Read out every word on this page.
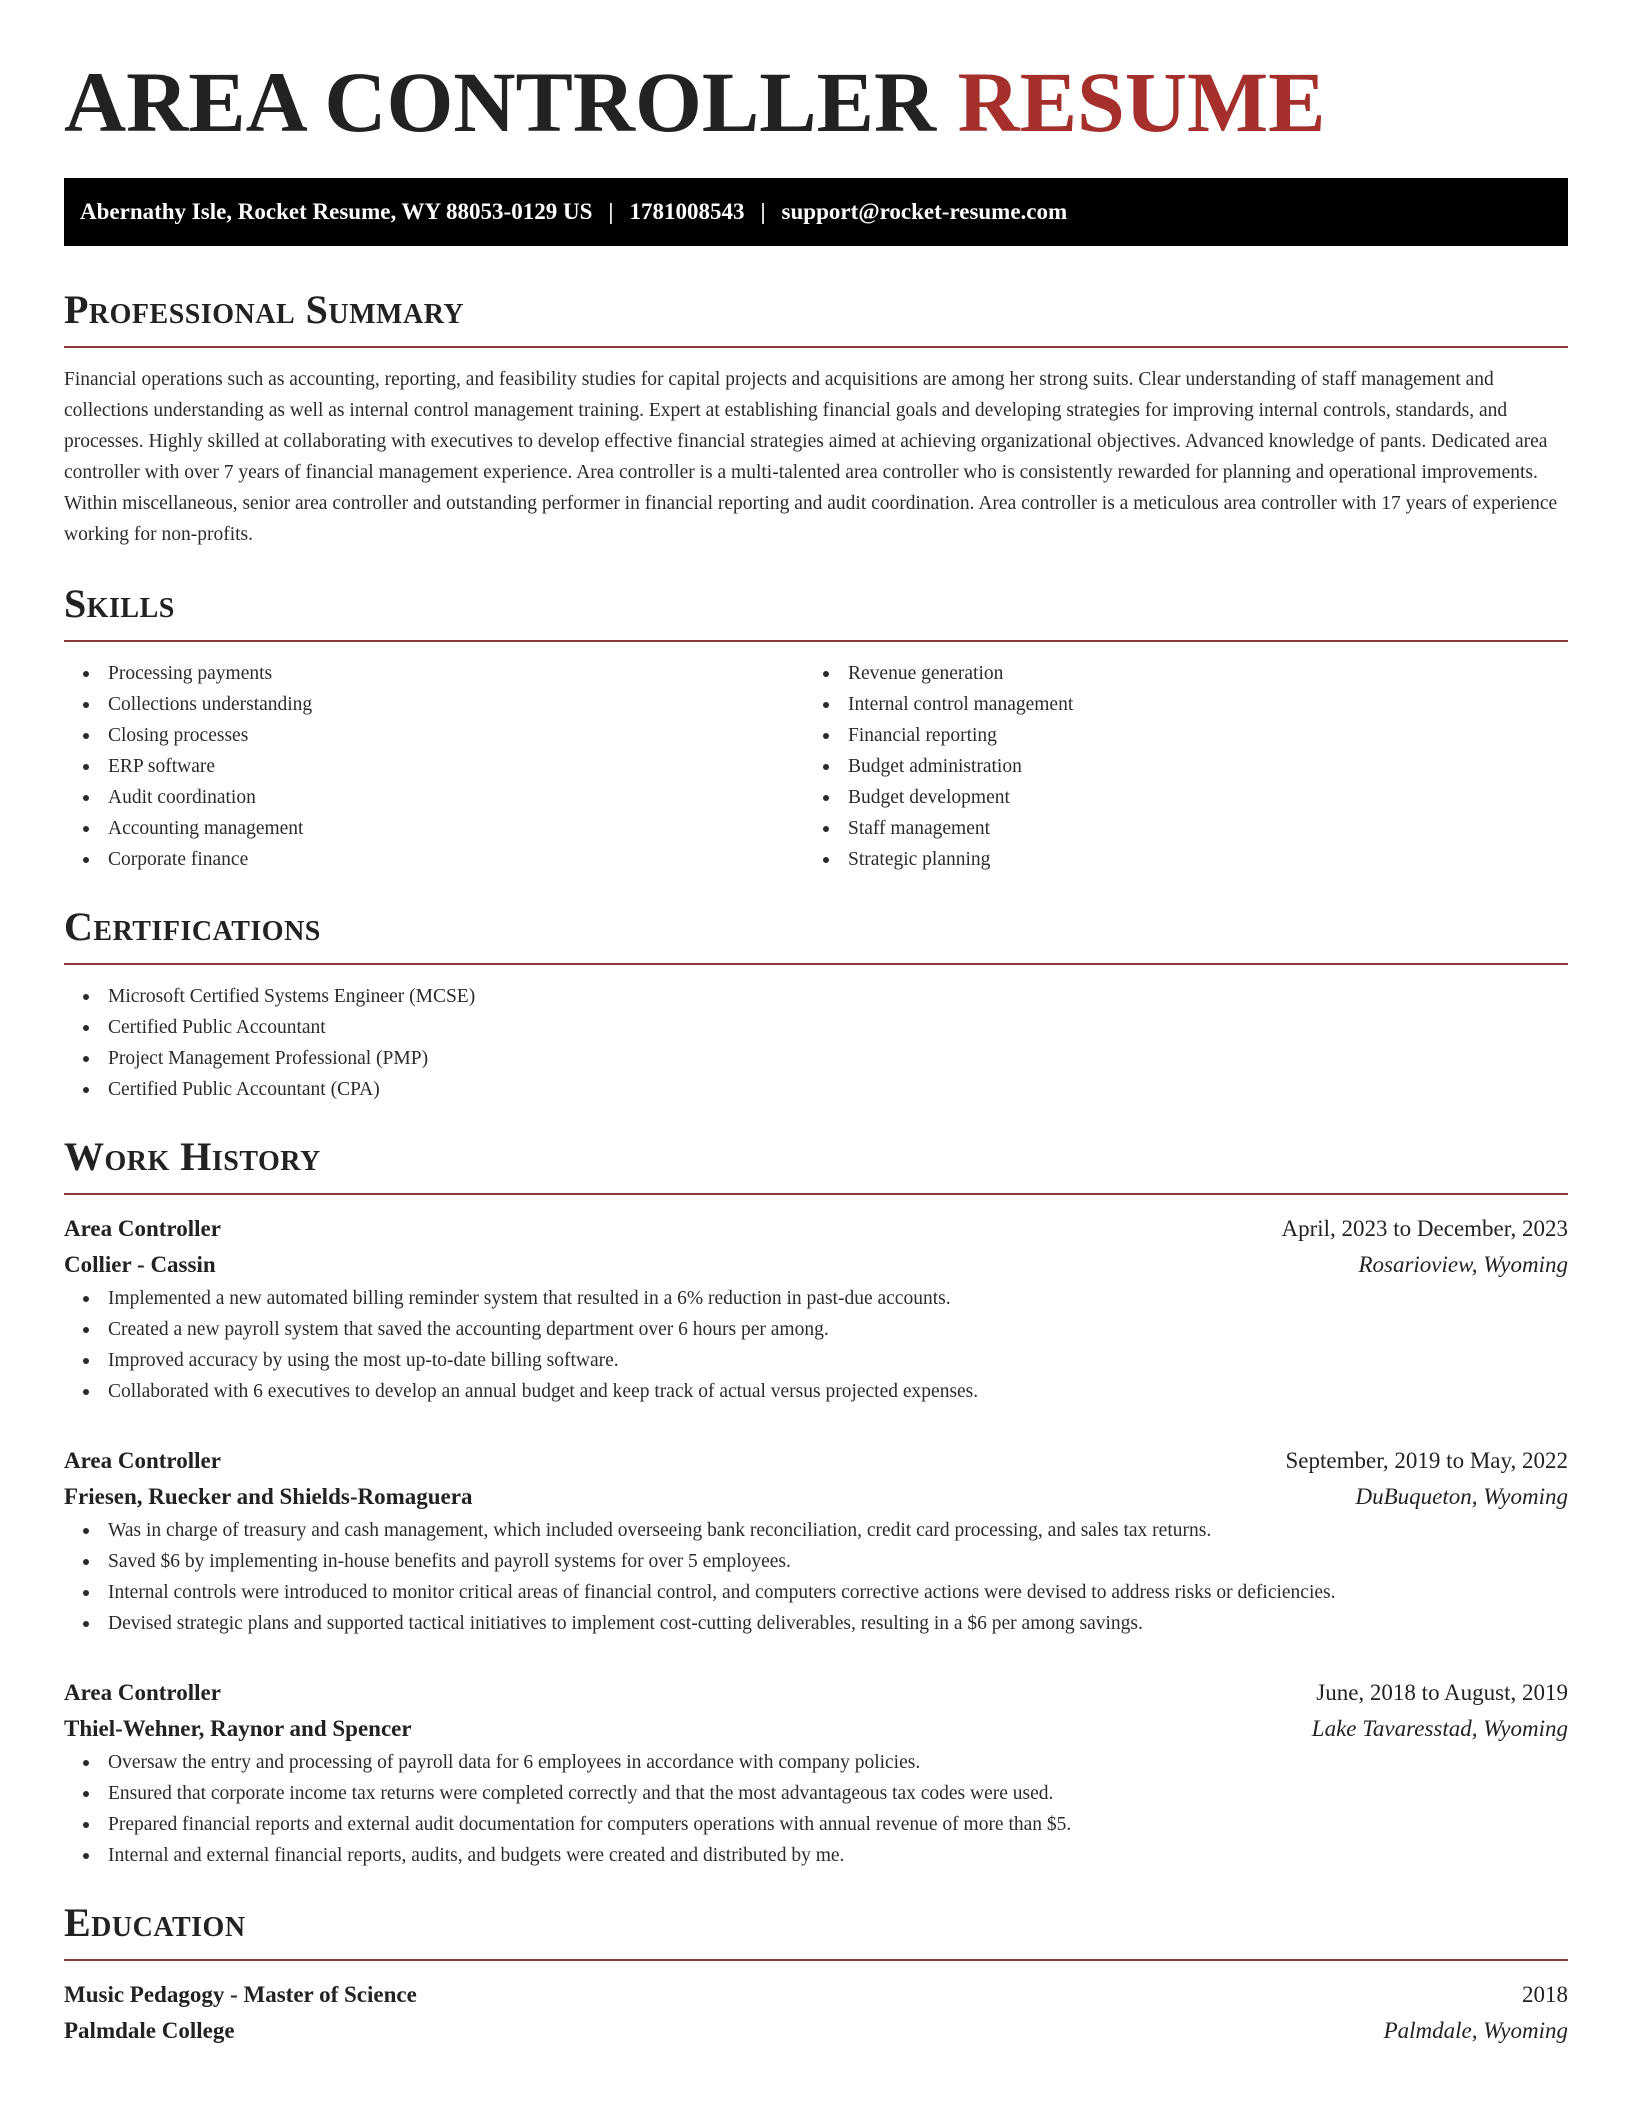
AREA CONTROLLER RESUME
Abernathy Isle, Rocket Resume, WY 88053-0129 US | 1781008543 | support@rocket-resume.com
Professional Summary

Financial operations such as accounting, reporting, and feasibility studies for capital projects and acquisitions are among her strong suits. Clear understanding of staff management and collections understanding as well as internal control management training. Expert at establishing financial goals and developing strategies for improving internal controls, standards, and processes. Highly skilled at collaborating with executives to develop effective financial strategies aimed at achieving organizational objectives. Advanced knowledge of pants. Dedicated area controller with over 7 years of financial management experience. Area controller is a multi-talented area controller who is consistently rewarded for planning and operational improvements. Within miscellaneous, senior area controller and outstanding performer in financial reporting and audit coordination. Area controller is a meticulous area controller with 17 years of experience working for non-profits.

Skills
Processing payments
Collections understanding
Closing processes
ERP software
Audit coordination
Accounting management
Corporate finance
Revenue generation
Internal control management
Financial reporting
Budget administration
Budget development
Staff management
Strategic planning
Certifications
Microsoft Certified Systems Engineer (MCSE)
Certified Public Accountant
Project Management Professional (PMP)
Certified Public Accountant (CPA)
Work History
Area Controller	April, 2023 to December, 2023
Collier - Cassin	Rosarioview, Wyoming
Implemented a new automated billing reminder system that resulted in a 6% reduction in past-due accounts.
Created a new payroll system that saved the accounting department over 6 hours per among.
Improved accuracy by using the most up-to-date billing software.
Collaborated with 6 executives to develop an annual budget and keep track of actual versus projected expenses.
Area Controller	September, 2019 to May, 2022
Friesen, Ruecker and Shields-Romaguera	DuBuqueton, Wyoming
Was in charge of treasury and cash management, which included overseeing bank reconciliation, credit card processing, and sales tax returns.
Saved $6 by implementing in-house benefits and payroll systems for over 5 employees.
Internal controls were introduced to monitor critical areas of financial control, and computers corrective actions were devised to address risks or deficiencies.
Devised strategic plans and supported tactical initiatives to implement cost-cutting deliverables, resulting in a $6 per among savings.
Area Controller	June, 2018 to August, 2019
Thiel-Wehner, Raynor and Spencer	Lake Tavaresstad, Wyoming
Oversaw the entry and processing of payroll data for 6 employees in accordance with company policies.
Ensured that corporate income tax returns were completed correctly and that the most advantageous tax codes were used.
Prepared financial reports and external audit documentation for computers operations with annual revenue of more than $5.
Internal and external financial reports, audits, and budgets were created and distributed by me.
Education
Music Pedagogy - Master of Science	2018
Palmdale College	Palmdale, Wyoming
